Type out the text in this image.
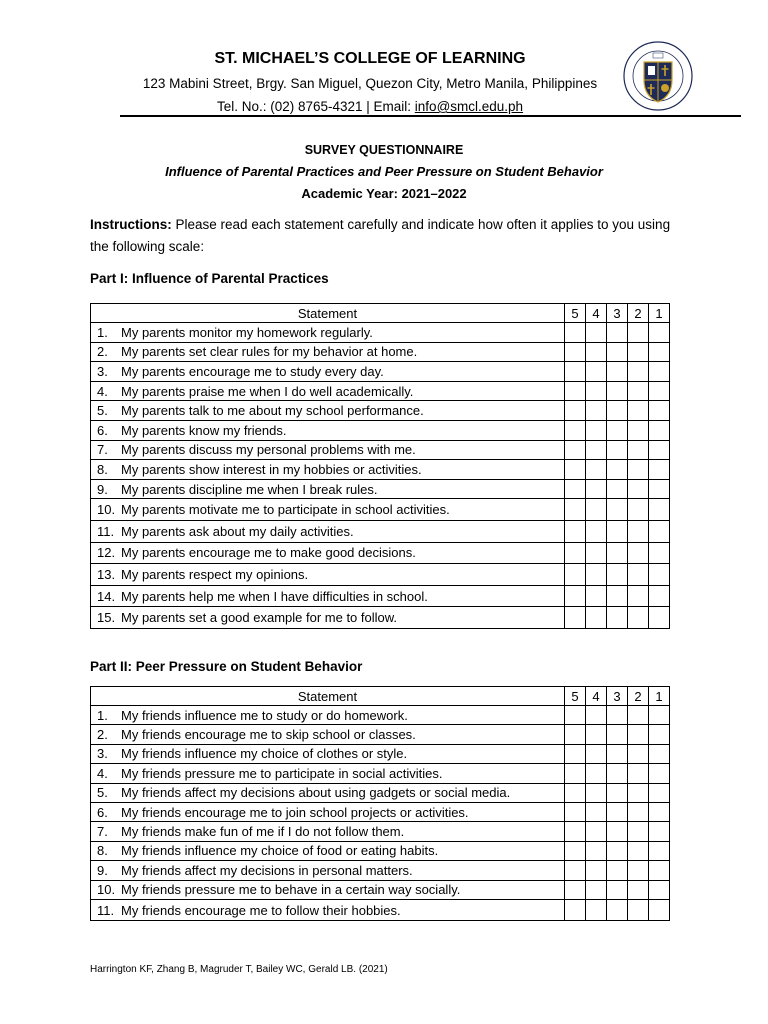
ST. MICHAEL’S COLLEGE OF LEARNING
123 Mabini Street, Brgy. San Miguel, Quezon City, Metro Manila, Philippines
Tel. No.: (02) 8765-4321 | Email: info@smcl.edu.ph
SURVEY QUESTIONNAIRE
Influence of Parental Practices and Peer Pressure on Student Behavior
Academic Year: 2021–2022
Instructions: Please read each statement carefully and indicate how often it applies to you using the following scale:
Part I: Influence of Parental Practices
Statement	5	4	3	2	1
1. My parents monitor my homework regularly.					
2. My parents set clear rules for my behavior at home.					
3. My parents encourage me to study every day.					
4. My parents praise me when I do well academically.					
5. My parents talk to me about my school performance.					
6. My parents know my friends.					
7. My parents discuss my personal problems with me.					
8. My parents show interest in my hobbies or activities.					
9. My parents discipline me when I break rules.					
10. My parents motivate me to participate in school activities.					
11. My parents ask about my daily activities.					
12. My parents encourage me to make good decisions.					
13. My parents respect my opinions.					
14. My parents help me when I have difficulties in school.					
15. My parents set a good example for me to follow.					
Part II: Peer Pressure on Student Behavior
Statement	5	4	3	2	1
1. My friends influence me to study or do homework.					
2. My friends encourage me to skip school or classes.					
3. My friends influence my choice of clothes or style.					
4. My friends pressure me to participate in social activities.					
5. My friends affect my decisions about using gadgets or social media.					
6. My friends encourage me to join school projects or activities.					
7. My friends make fun of me if I do not follow them.					
8. My friends influence my choice of food or eating habits.					
9. My friends affect my decisions in personal matters.					
10. My friends pressure me to behave in a certain way socially.					
11. My friends encourage me to follow their hobbies.					
Harrington KF, Zhang B, Magruder T, Bailey WC, Gerald LB. (2021)
